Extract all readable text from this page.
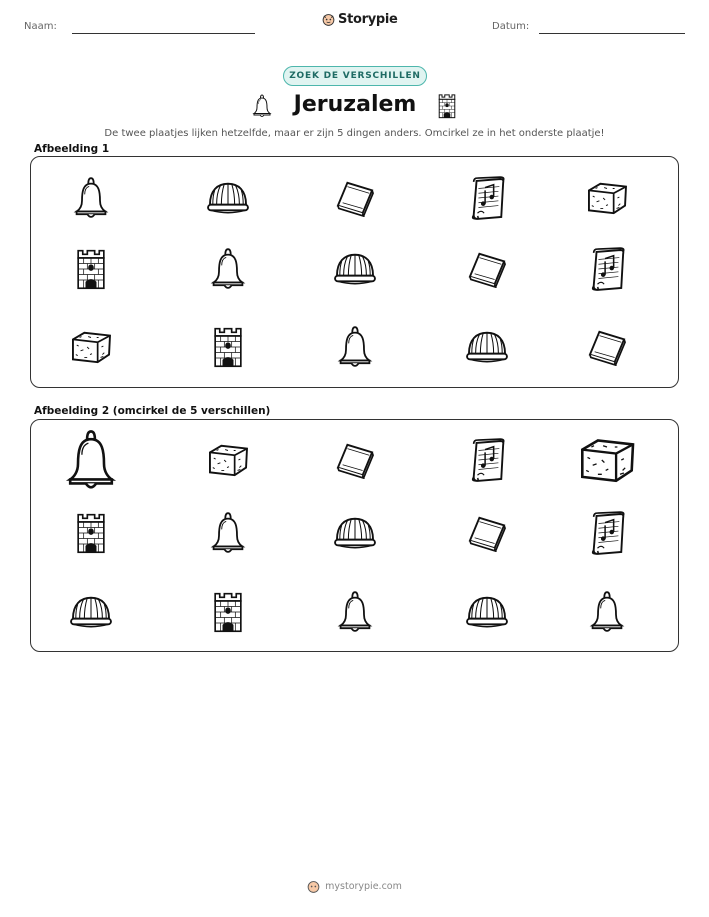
Naam:	Storypie	Datum:
ZOEK DE VERSCHILLEN
Jeruzalem
De twee plaatjes lijken hetzelfde, maar er zijn 5 dingen anders. Omcirkel ze in het onderste plaatje!
Afbeelding 1
Afbeelding 2 (omcirkel de 5 verschillen)
mystorypie.com
